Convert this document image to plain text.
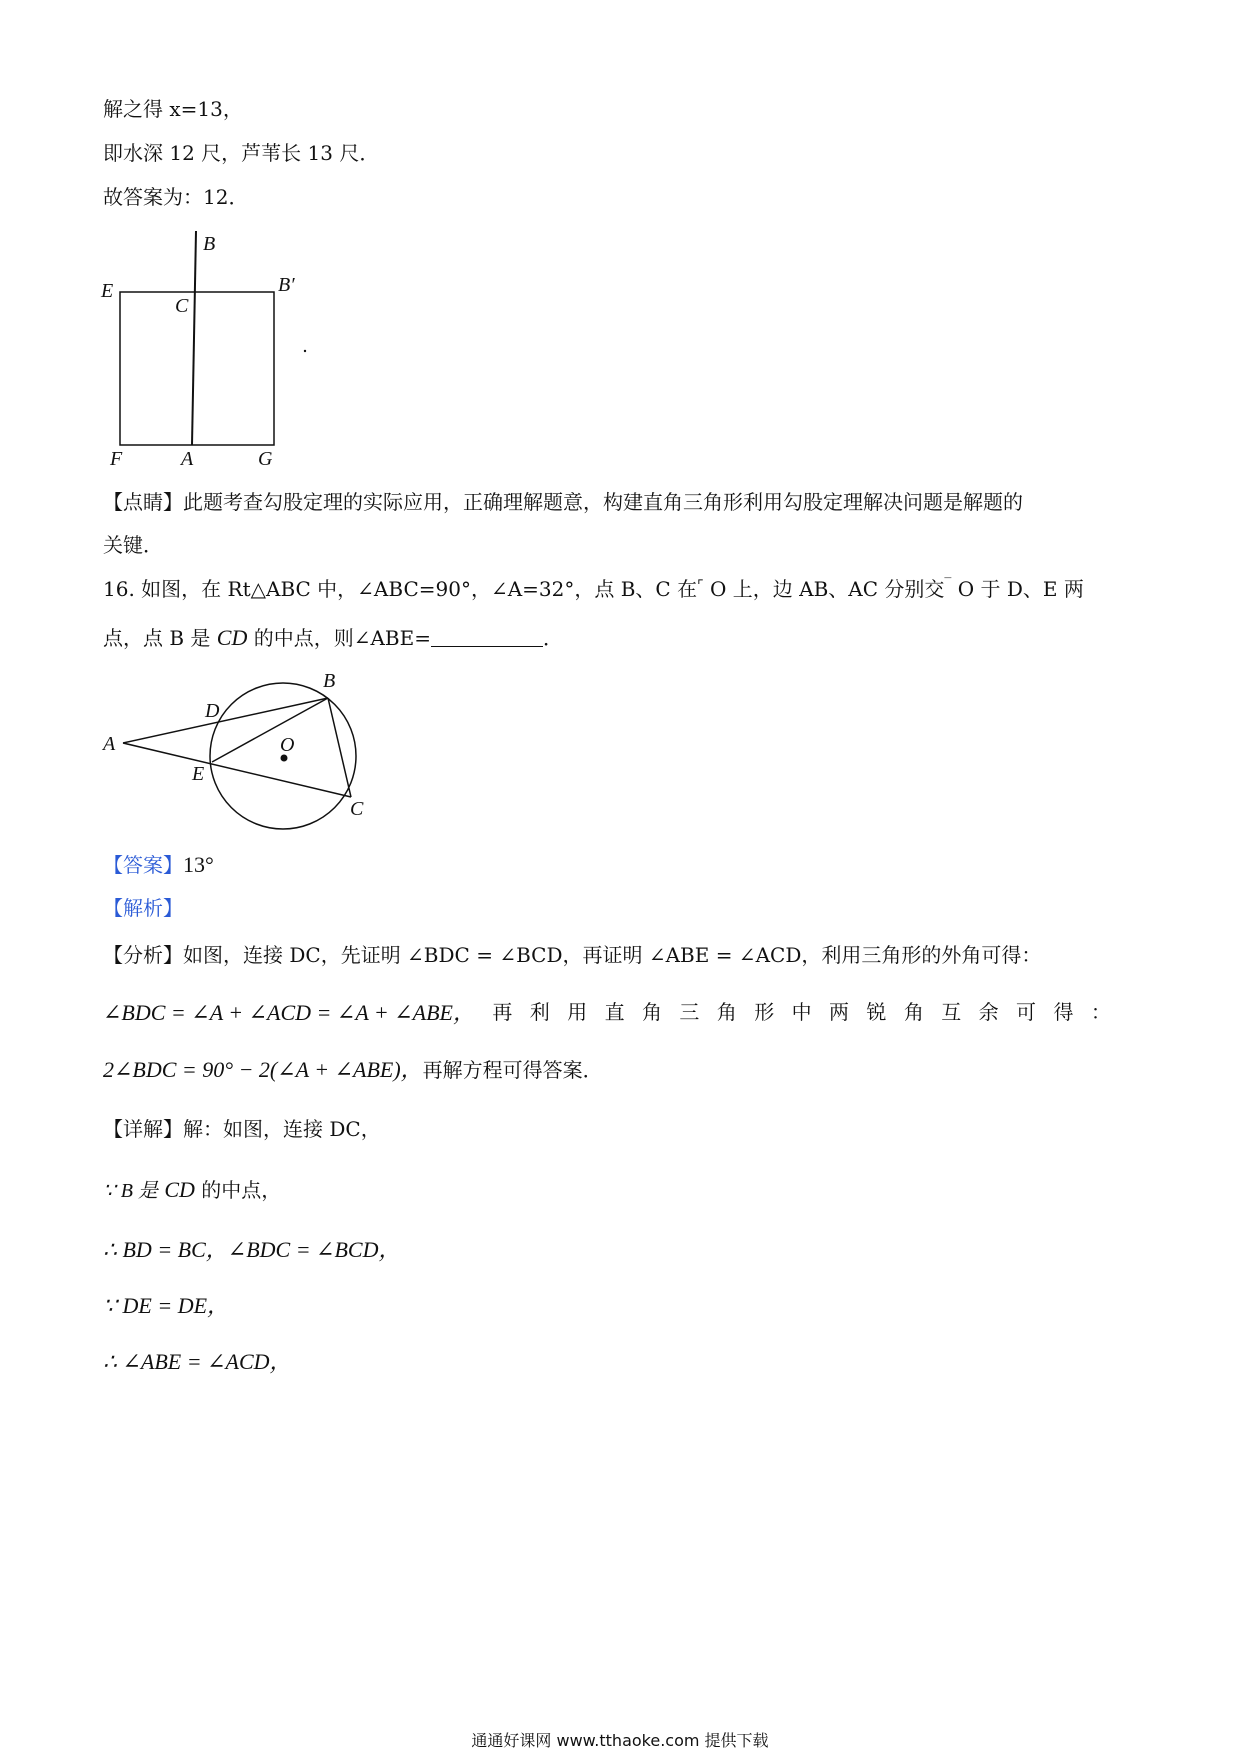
解之得 x=13，
即水深 12 尺，芦苇长 13 尺．
故答案为：12．
B
E
C
B′
F	A	G
【点睛】此题考查勾股定理的实际应用，正确理解题意，构建直角三角形利用勾股定理解决问题是解题的
关键．
16. 如图，在 Rt△ABC 中，∠ABC=90°，∠A=32°，点 B、C 在⌜ O 上，边 AB、AC 分别交‾ O 于 D、E 两
点，点 B 是 CD 的中点，则∠ABE=	．
A
B
C
D
E
O
【答案】13°
【解析】
【分析】如图，连接 DC，先证明 ∠BDC = ∠BCD，再证明 ∠ABE = ∠ACD，利用三角形的外角可得：
∠BDC = ∠A + ∠ACD = ∠A + ∠ABE， 再 利 用 直 角 三 角 形 中 两 锐 角 互 余 可 得 ：
2∠BDC = 90° − 2(∠A + ∠ABE)，再解方程可得答案．
【详解】解：如图，连接 DC，
∵ B 是 CD 的中点，
∴ BD = BC，∠BDC = ∠BCD，
∵ DE = DE，
∴ ∠ABE = ∠ACD，
通通好课网 www.tthaoke.com 提供下载
